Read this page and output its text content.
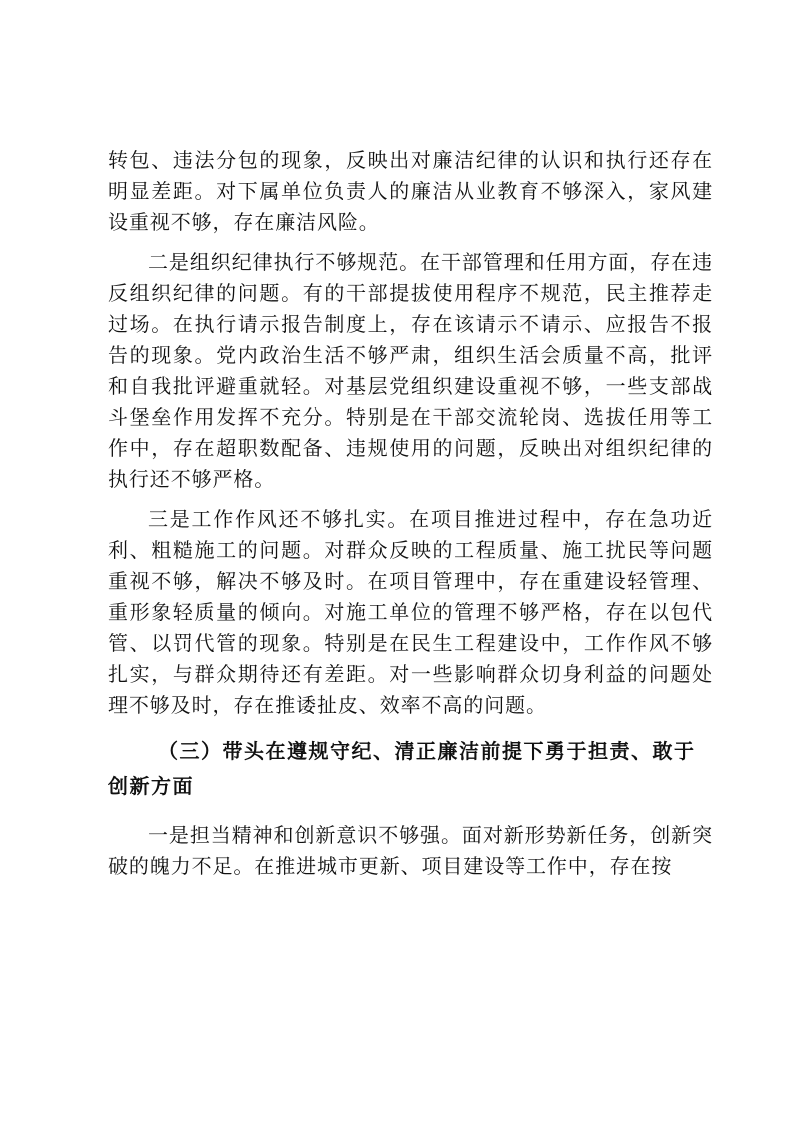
转包、违法分包的现象，反映出对廉洁纪律的认识和执行还存在明显差距。对下属单位负责人的廉洁从业教育不够深入，家风建设重视不够，存在廉洁风险。

二是组织纪律执行不够规范。在干部管理和任用方面，存在违反组织纪律的问题。有的干部提拔使用程序不规范，民主推荐走过场。在执行请示报告制度上，存在该请示不请示、应报告不报告的现象。党内政治生活不够严肃，组织生活会质量不高，批评和自我批评避重就轻。对基层党组织建设重视不够，一些支部战斗堡垒作用发挥不充分。特别是在干部交流轮岗、选拔任用等工作中，存在超职数配备、违规使用的问题，反映出对组织纪律的执行还不够严格。

三是工作作风还不够扎实。在项目推进过程中，存在急功近利、粗糙施工的问题。对群众反映的工程质量、施工扰民等问题重视不够，解决不够及时。在项目管理中，存在重建设轻管理、重形象轻质量的倾向。对施工单位的管理不够严格，存在以包代管、以罚代管的现象。特别是在民生工程建设中，工作作风不够扎实，与群众期待还有差距。对一些影响群众切身利益的问题处理不够及时，存在推诿扯皮、效率不高的问题。

（三）带头在遵规守纪、清正廉洁前提下勇于担责、敢于创新方面

一是担当精神和创新意识不够强。面对新形势新任务，创新突破的魄力不足。在推进城市更新、项目建设等工作中，存在按
